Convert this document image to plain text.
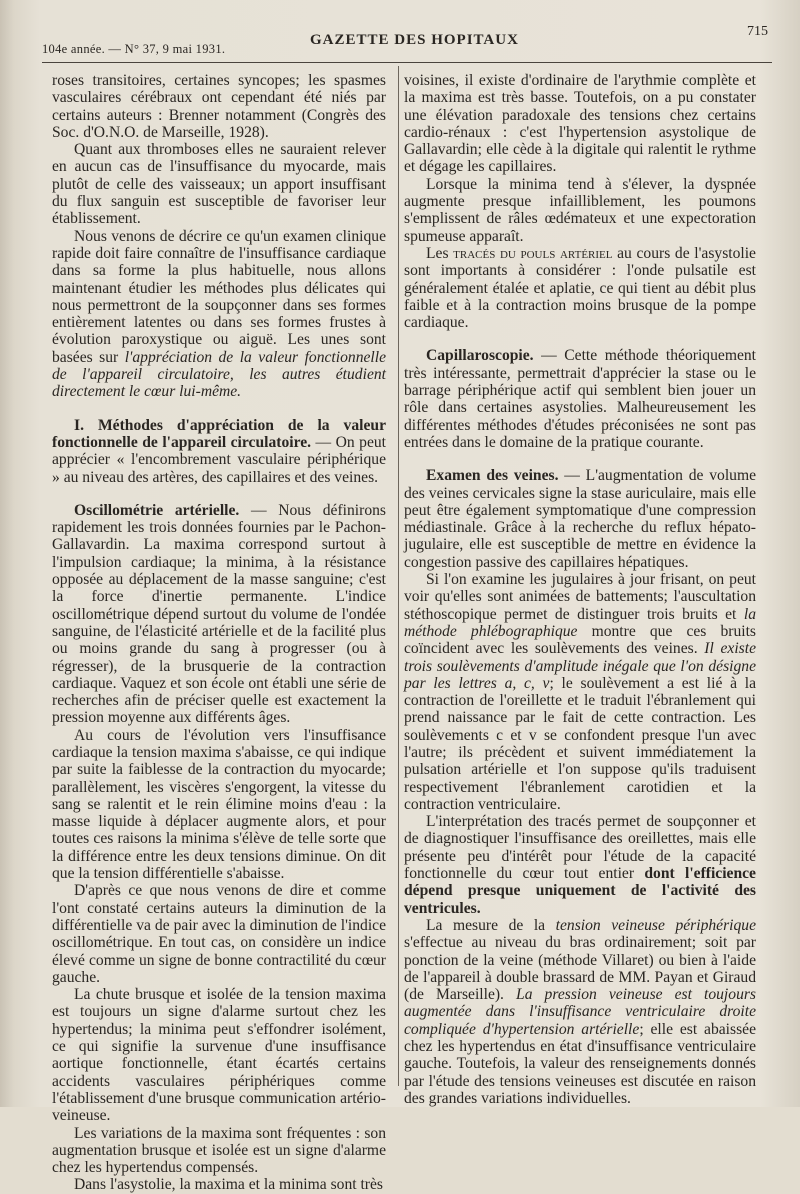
104e année. — N° 37, 9 mai 1931.
GAZETTE DES HOPITAUX
715

roses transitoires, certaines syncopes; les spasmes vasculaires cérébraux ont cependant été niés par certains auteurs : Brenner notamment (Congrès des Soc. d'O.N.O. de Marseille, 1928).

Quant aux thromboses elles ne sauraient relever en aucun cas de l'insuffisance du myocarde, mais plutôt de celle des vaisseaux; un apport insuffisant du flux sanguin est susceptible de favoriser leur établissement.

Nous venons de décrire ce qu'un examen clinique rapide doit faire connaître de l'insuffisance cardiaque dans sa forme la plus habituelle, nous allons maintenant étudier les méthodes plus délicates qui nous permettront de la soupçonner dans ses formes entièrement latentes ou dans ses formes frustes à évolution paroxystique ou aiguë. Les unes sont basées sur l'appréciation de la valeur fonctionnelle de l'appareil circulatoire, les autres étudient directement le cœur lui-même.

I. Méthodes d'appréciation de la valeur fonctionnelle de l'appareil circulatoire. — On peut apprécier « l'encombrement vasculaire périphérique » au niveau des artères, des capillaires et des veines.

Oscillométrie artérielle. — Nous définirons rapidement les trois données fournies par le Pachon-Gallavardin. La maxima correspond surtout à l'impulsion cardiaque; la minima, à la résistance opposée au déplacement de la masse sanguine; c'est la force d'inertie permanente. L'indice oscillométrique dépend surtout du volume de l'ondée sanguine, de l'élasticité artérielle et de la facilité plus ou moins grande du sang à progresser (ou à régresser), de la brusquerie de la contraction cardiaque. Vaquez et son école ont établi une série de recherches afin de préciser quelle est exactement la pression moyenne aux différents âges.

Au cours de l'évolution vers l'insuffisance cardiaque la tension maxima s'abaisse, ce qui indique par suite la faiblesse de la contraction du myocarde; parallèlement, les viscères s'engorgent, la vitesse du sang se ralentit et le rein élimine moins d'eau : la masse liquide à déplacer augmente alors, et pour toutes ces raisons la minima s'élève de telle sorte que la différence entre les deux tensions diminue. On dit que la tension différentielle s'abaisse.

D'après ce que nous venons de dire et comme l'ont constaté certains auteurs la diminution de la différentielle va de pair avec la diminution de l'indice oscillométrique. En tout cas, on considère un indice élevé comme un signe de bonne contractilité du cœur gauche.

La chute brusque et isolée de la tension maxima est toujours un signe d'alarme surtout chez les hypertendus; la minima peut s'effondrer isolément, ce qui signifie la survenue d'une insuffisance aortique fonctionnelle, étant écartés certains accidents vasculaires périphériques comme l'établissement d'une brusque communication artério-veineuse.

Les variations de la maxima sont fréquentes : son augmentation brusque et isolée est un signe d'alarme chez les hypertendus compensés.

Dans l'asystolie, la maxima et la minima sont très

voisines, il existe d'ordinaire de l'arythmie complète et la maxima est très basse. Toutefois, on a pu constater une élévation paradoxale des tensions chez certains cardio-rénaux : c'est l'hypertension asystolique de Gallavardin; elle cède à la digitale qui ralentit le rythme et dégage les capillaires.

Lorsque la minima tend à s'élever, la dyspnée augmente presque infailliblement, les poumons s'emplissent de râles œdémateux et une expectoration spumeuse apparaît.

Les tracés du pouls artériel au cours de l'asystolie sont importants à considérer : l'onde pulsatile est généralement étalée et aplatie, ce qui tient au débit plus faible et à la contraction moins brusque de la pompe cardiaque.

Capillaroscopie. — Cette méthode théoriquement très intéressante, permettrait d'apprécier la stase ou le barrage périphérique actif qui semblent bien jouer un rôle dans certaines asystolies. Malheureusement les différentes méthodes d'études préconisées ne sont pas entrées dans le domaine de la pratique courante.

Examen des veines. — L'augmentation de volume des veines cervicales signe la stase auriculaire, mais elle peut être également symptomatique d'une compression médiastinale. Grâce à la recherche du reflux hépato-jugulaire, elle est susceptible de mettre en évidence la congestion passive des capillaires hépatiques.

Si l'on examine les jugulaires à jour frisant, on peut voir qu'elles sont animées de battements; l'auscultation stéthoscopique permet de distinguer trois bruits et la méthode phlébographique montre que ces bruits coïncident avec les soulèvements des veines. Il existe trois soulèvements d'amplitude inégale que l'on désigne par les lettres a, c, v; le soulèvement a est lié à la contraction de l'oreillette et le traduit l'ébranlement qui prend naissance par le fait de cette contraction. Les soulèvements c et v se confondent presque l'un avec l'autre; ils précèdent et suivent immédiatement la pulsation artérielle et l'on suppose qu'ils traduisent respectivement l'ébranlement carotidien et la contraction ventriculaire.

L'interprétation des tracés permet de soupçonner et de diagnostiquer l'insuffisance des oreillettes, mais elle présente peu d'intérêt pour l'étude de la capacité fonctionnelle du cœur tout entier dont l'efficience dépend presque uniquement de l'activité des ventricules.

La mesure de la tension veineuse périphérique s'effectue au niveau du bras ordinairement; soit par ponction de la veine (méthode Villaret) ou bien à l'aide de l'appareil à double brassard de MM. Payan et Giraud (de Marseille). La pression veineuse est toujours augmentée dans l'insuffisance ventriculaire droite compliquée d'hypertension artérielle; elle est abaissée chez les hypertendus en état d'insuffisance ventriculaire gauche. Toutefois, la valeur des renseignements donnés par l'étude des tensions veineuses est discutée en raison des grandes variations individuelles.
